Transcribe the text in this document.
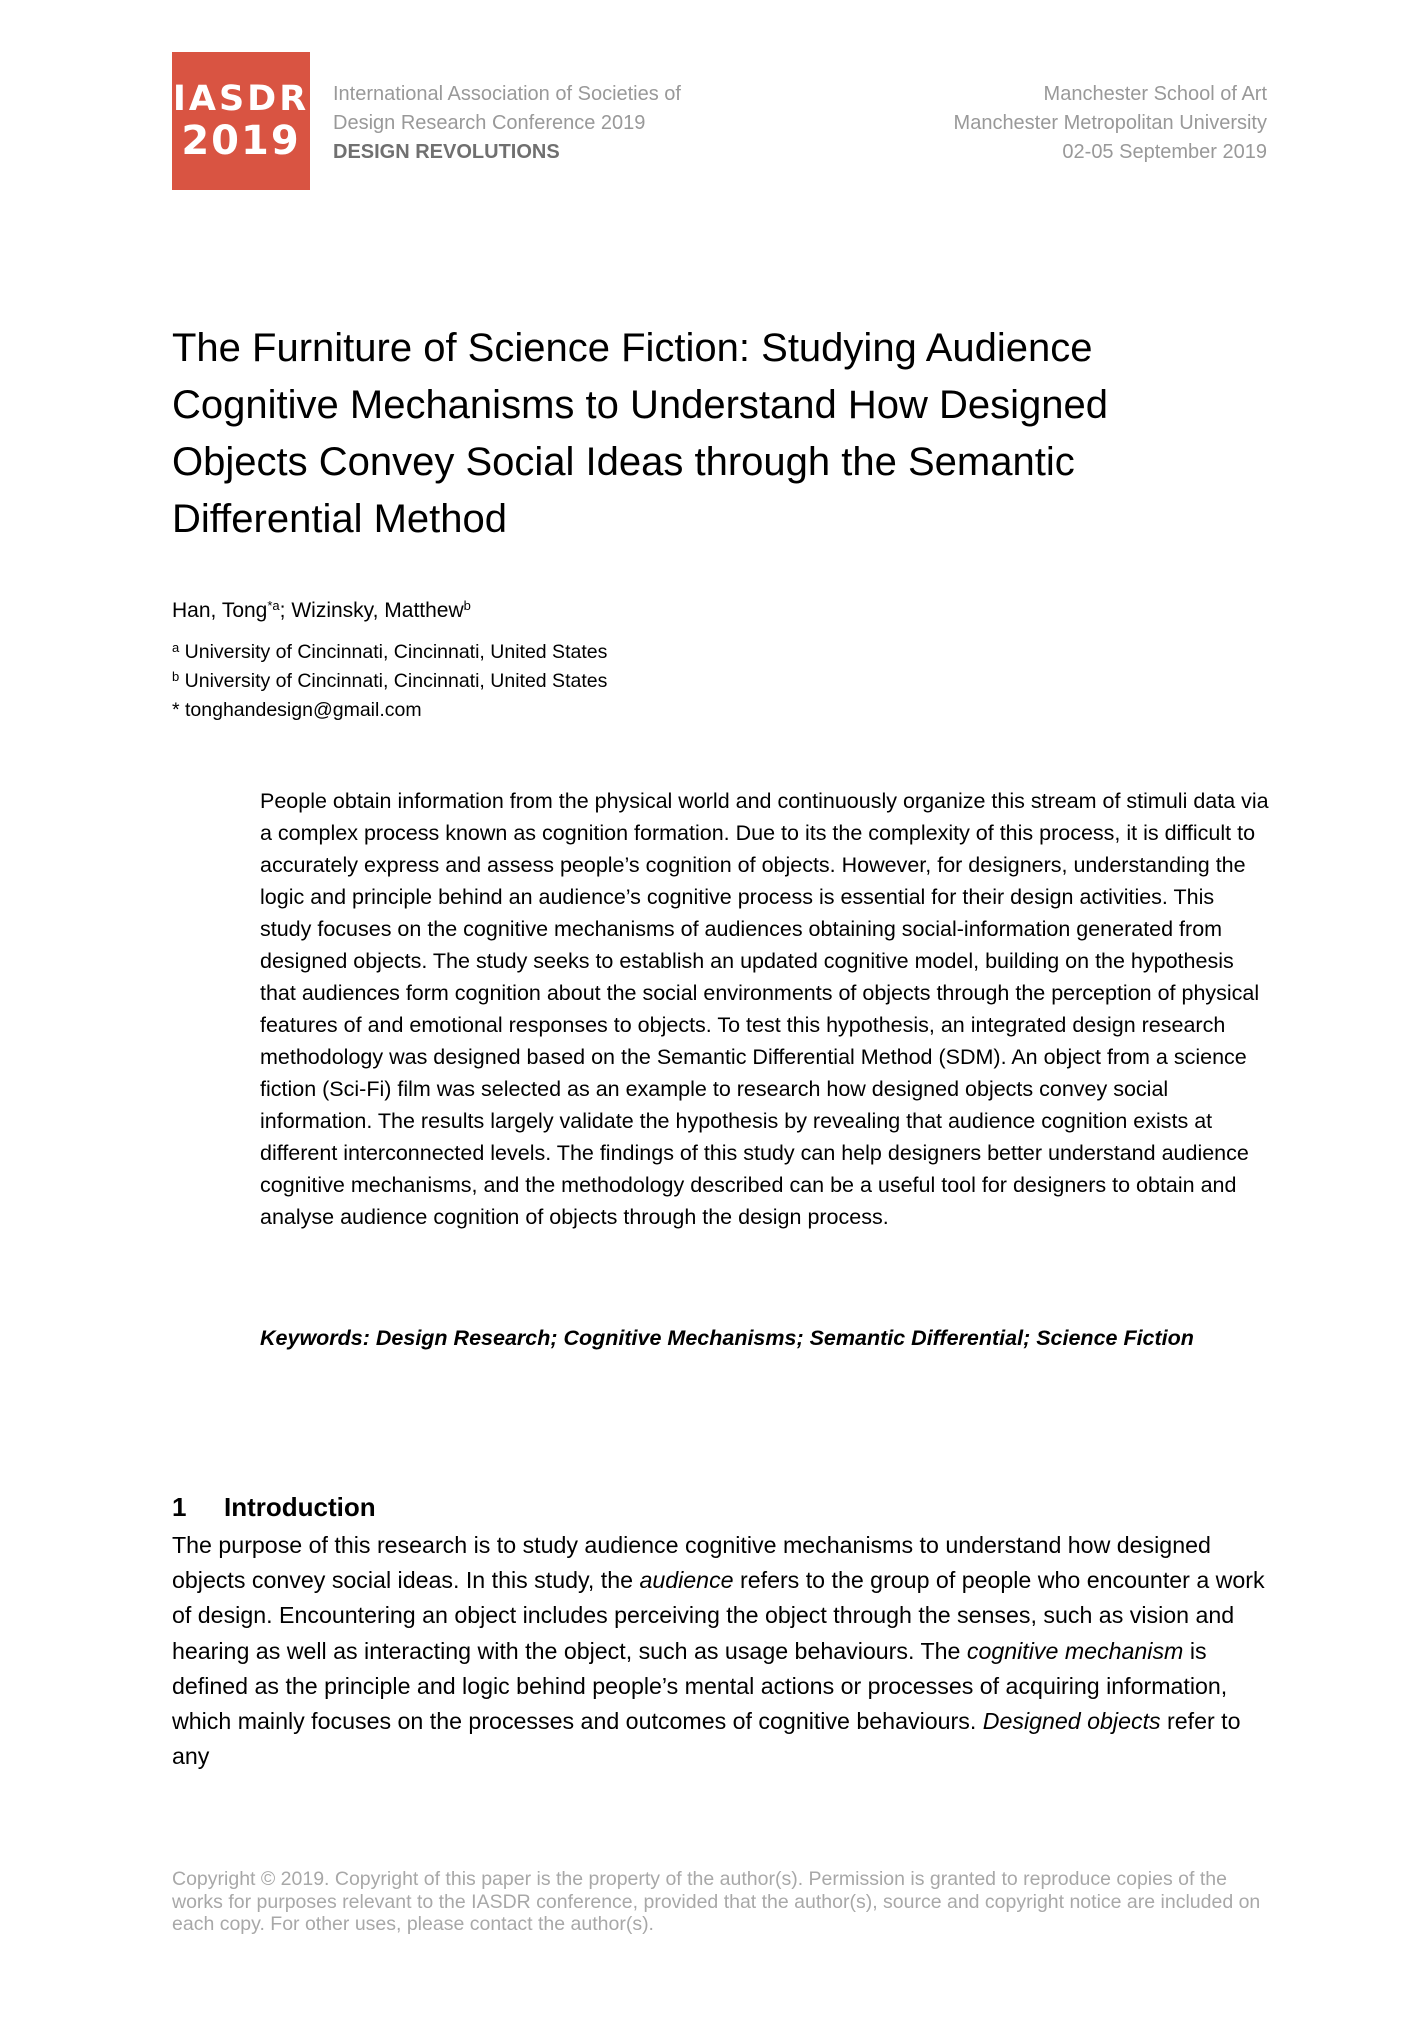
IASDR
2019
International Association of Societies of
Design Research Conference 2019
DESIGN REVOLUTIONS
Manchester School of Art
Manchester Metropolitan University
02-05 September 2019
The Furniture of Science Fiction: Studying Audience Cognitive Mechanisms to Understand How Designed Objects Convey Social Ideas through the Semantic Differential Method
Han, Tong$^{*a}$; Wizinsky, Matthew$^b$
$^a$ University of Cincinnati, Cincinnati, United States
$^b$ University of Cincinnati, Cincinnati, United States
* tonghandesign@gmail.com

People obtain information from the physical world and continuously organize this stream of stimuli data via a complex process known as cognition formation. Due to its the complexity of this process, it is difficult to accurately express and assess people’s cognition of objects. However, for designers, understanding the logic and principle behind an audience’s cognitive process is essential for their design activities. This study focuses on the cognitive mechanisms of audiences obtaining social-information generated from designed objects. The study seeks to establish an updated cognitive model, building on the hypothesis that audiences form cognition about the social environments of objects through the perception of physical features of and emotional responses to objects. To test this hypothesis, an integrated design research methodology was designed based on the Semantic Differential Method (SDM). An object from a science fiction (Sci-Fi) film was selected as an example to research how designed objects convey social information. The results largely validate the hypothesis by revealing that audience cognition exists at different interconnected levels. The findings of this study can help designers better understand audience cognitive mechanisms, and the methodology described can be a useful tool for designers to obtain and analyse audience cognition of objects through the design process.

Keywords: Design Research; Cognitive Mechanisms; Semantic Differential; Science Fiction

1 Introduction

The purpose of this research is to study audience cognitive mechanisms to understand how designed objects convey social ideas. In this study, the audience refers to the group of people who encounter a work of design. Encountering an object includes perceiving the object through the senses, such as vision and hearing as well as interacting with the object, such as usage behaviours. The cognitive mechanism is defined as the principle and logic behind people’s mental actions or processes of acquiring information, which mainly focuses on the processes and outcomes of cognitive behaviours. Designed objects refer to any

Copyright © 2019. Copyright of this paper is the property of the author(s). Permission is granted to reproduce copies of the works for purposes relevant to the IASDR conference, provided that the author(s), source and copyright notice are included on each copy. For other uses, please contact the author(s).
